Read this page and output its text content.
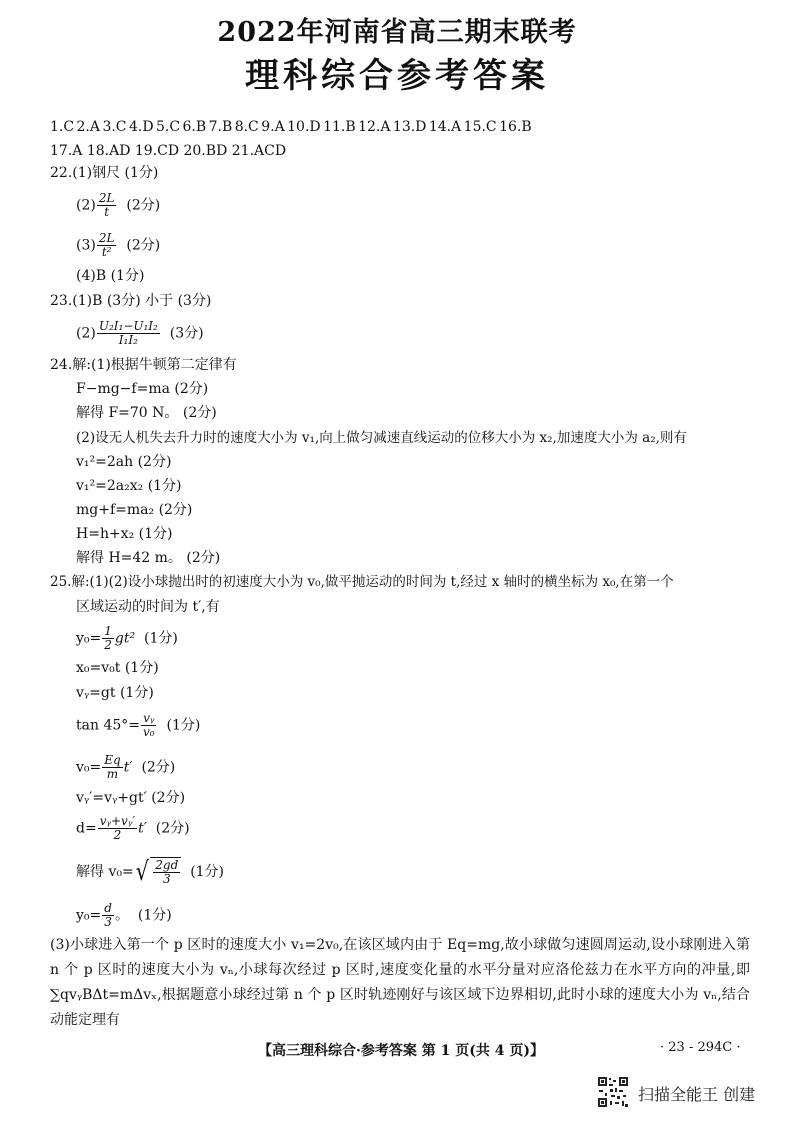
2022年河南省高三期末联考
理科综合参考答案
1.C 2.A 3.C 4.D 5.C 6.B 7.B 8.C 9.A 10.D 11.B 12.A 13.D 14.A 15.C 16.B
17.A 18.AD 19.CD 20.BD 21.ACD
22.(1)钢尺 (1分)
$(2) \frac{2L}{t} (2$分)
$(3) \frac{2L}{\text{t²}} (2$分)
(4)B (1分)
23.(1)B (3分) 小于 (3分)
$(2) \frac{\text{U₂I₁−U₁I₂}}{\text{I₁I₂}} (3$分)
24.解:(1)根据牛顿第二定律有
F−mg−f=ma (2分)
解得 F=70 N。 (2分)
(2)设无人机失去升力时的速度大小为 v₁,向上做匀减速直线运动的位移大小为 x₂,加速度大小为 a₂,则有
v₁²=2ah (2分)
v₁²=2a₂x₂ (1分)
mg+f=ma₂ (2分)
H=h+x₂ (1分)
解得 H=42 m。 (2分)
25.解:(1)(2)设小球抛出时的初速度大小为 v₀,做平抛运动的时间为 t,经过 x 轴时的横坐标为 x₀,在第一个
区域运动的时间为 t′,有
$y_0= \frac{1}{2} gt^2$ (1分)
x₀=v₀t (1分)
vᵧ=gt (1分)
$\tan 45^\circ= \frac{\text{vᵧ}}{\text{v₀}} (1$分)
$v_0= \frac{Eq}{m} t'$ (2分)
vᵧ′=vᵧ+gt′ (2分)
$d= \frac{\text{vᵧ+vᵧ′}}{2} t'$ (2分)
解得 v₀= √ $\frac{2gd}{3} (1$分)
$y_0= \frac{d}{3}$ 。 (1分)
(3)小球进入第一个 p 区时的速度大小 v₁=2v₀,在该区域内由于 Eq=mg,故小球做匀速圆周运动,设小球刚进入第 n 个 p 区时的速度大小为 vₙ,小球每次经过 p 区时,速度变化量的水平分量对应洛伦兹力在水平方向的冲量,即∑qvᵧBΔt=mΔvₓ,根据题意小球经过第 n 个 p 区时轨迹刚好与该区域下边界相切,此时小球的速度大小为 vₙ,结合动能定理有
【高三理科综合·参考答案 第 1 页(共 4 页)】	· 23 - 294C ·
扫描全能王 创建
